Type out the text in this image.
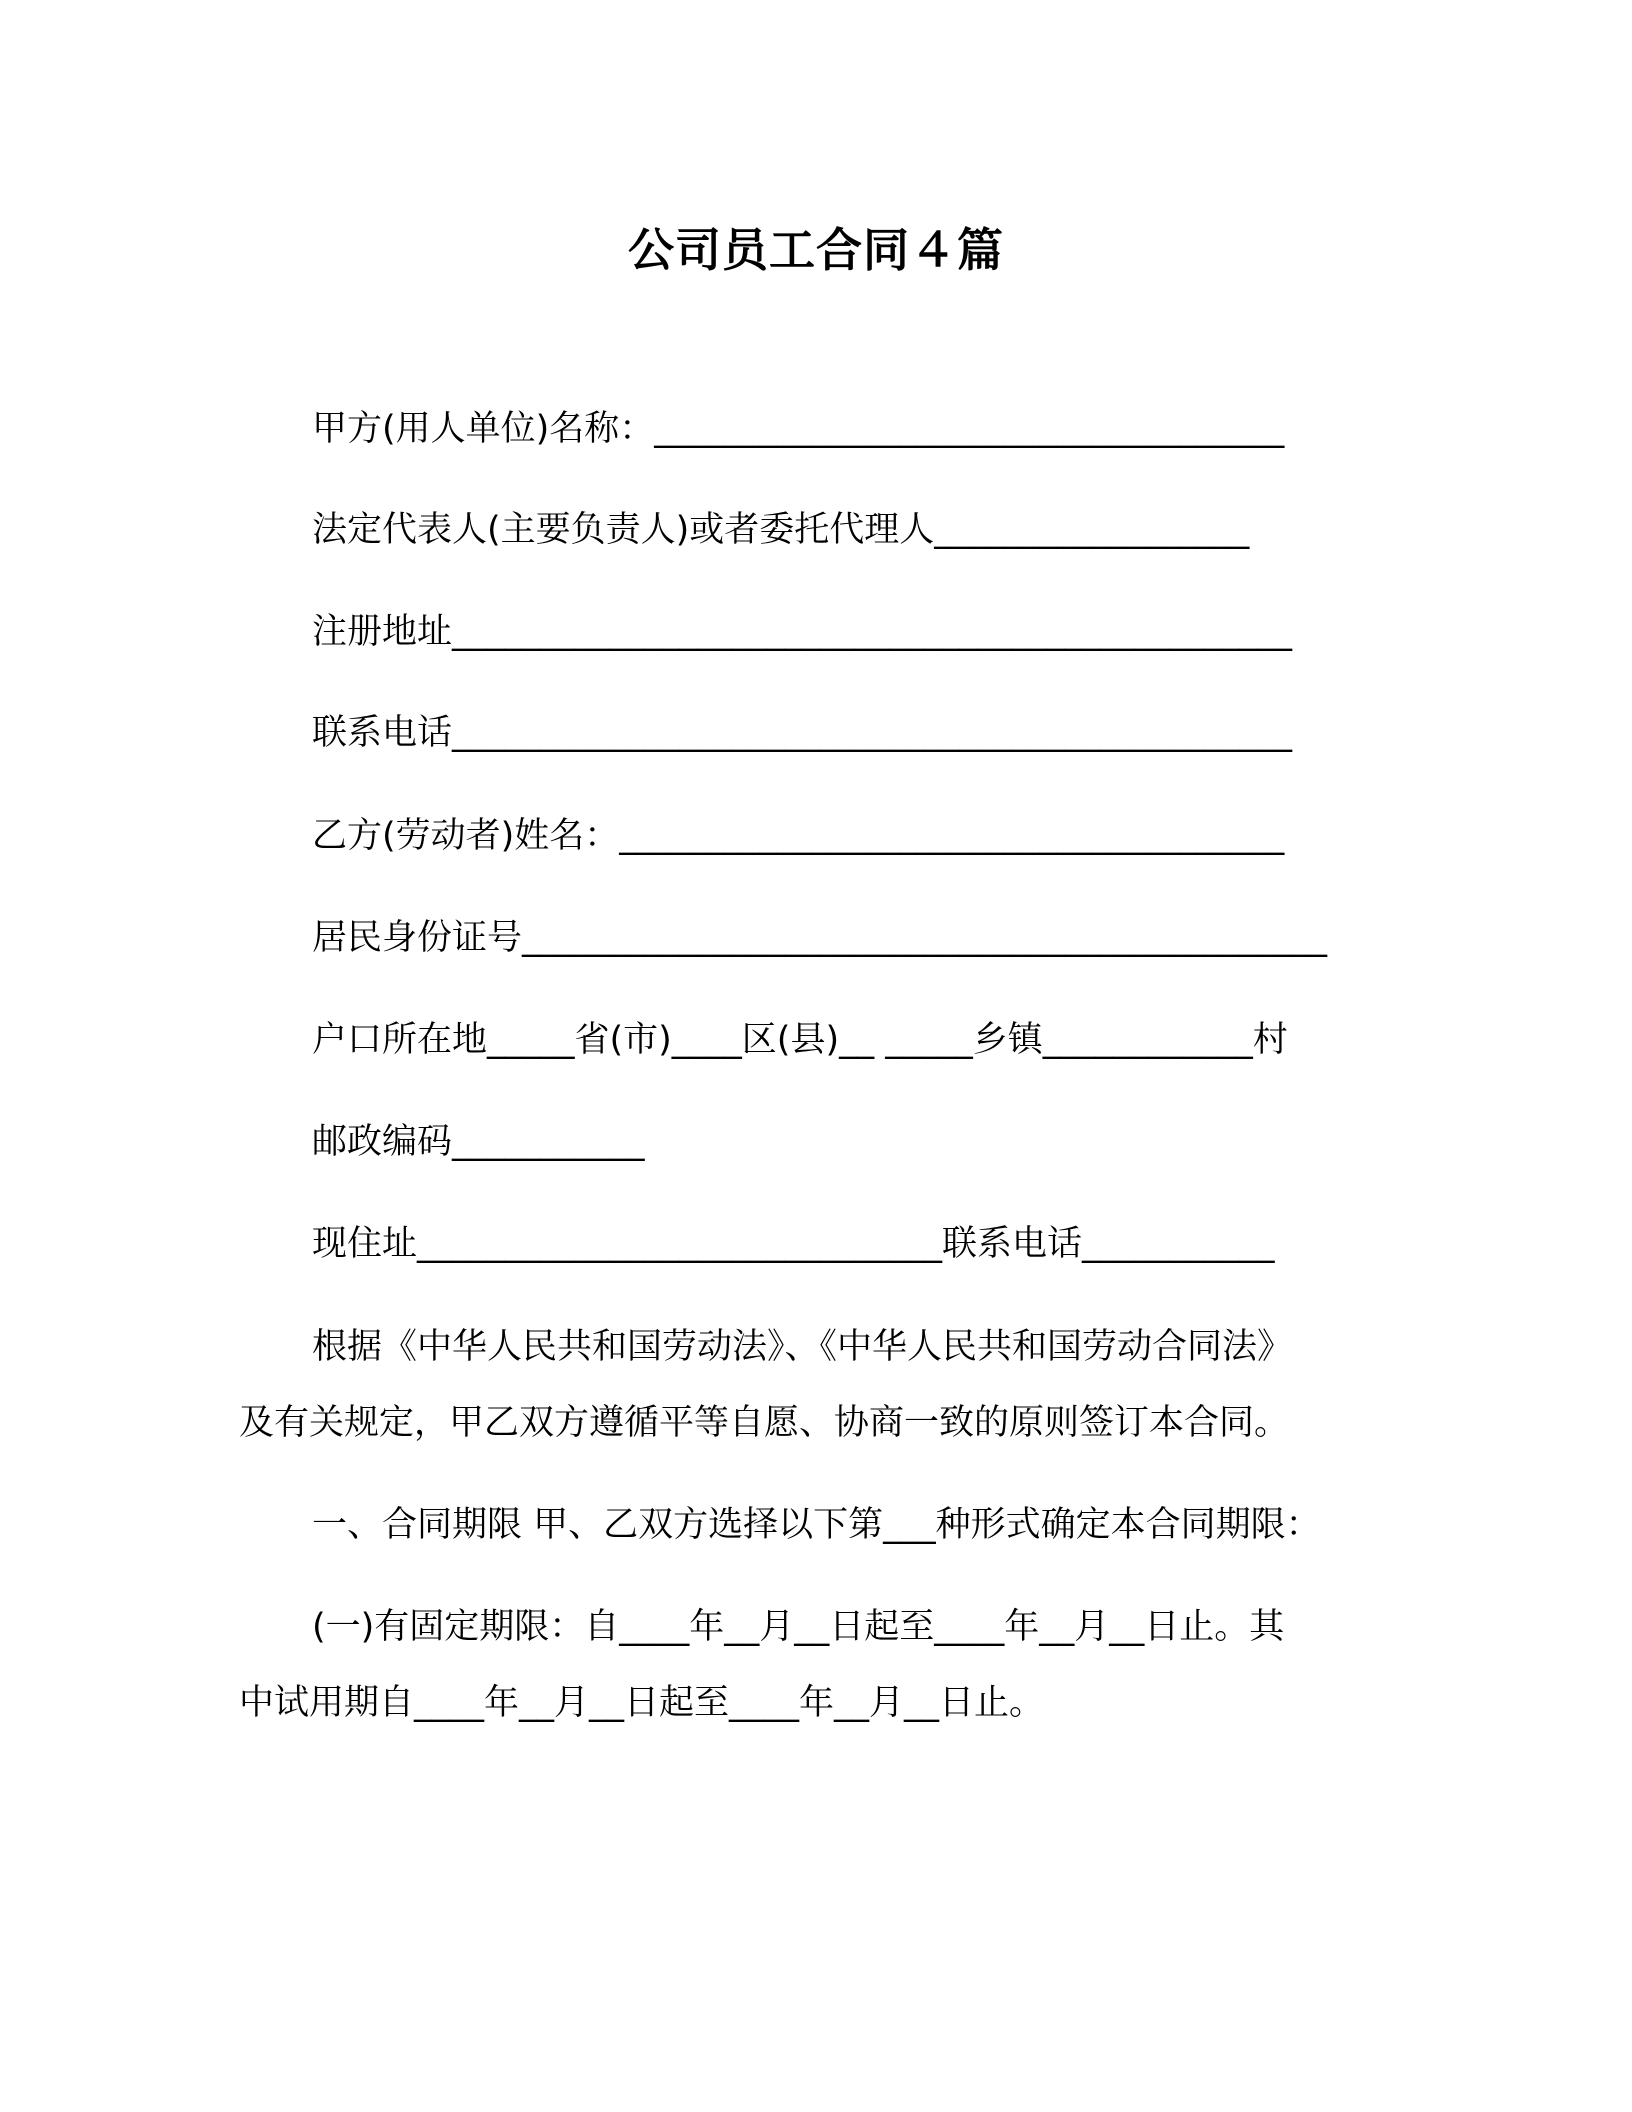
公司员工合同４篇
甲方(用人单位)名称：____________________________________
法定代表人(主要负责人)或者委托代理人__________________
注册地址________________________________________________
联系电话________________________________________________
乙方(劳动者)姓名：______________________________________
居民身份证号______________________________________________
户口所在地_____省(市)____区(县)__ _____乡镇____________村
邮政编码___________
现住址______________________________联系电话___________
根据《中华人民共和国劳动法》、《中华人民共和国劳动合同法》
及有关规定，甲乙双方遵循平等自愿、协商一致的原则签订本合同。
一、合同期限 甲、乙双方选择以下第___种形式确定本合同期限：
(一)有固定期限：自____年__月__日起至____年__月__日止。其
中试用期自____年__月__日起至____年__月__日止。
